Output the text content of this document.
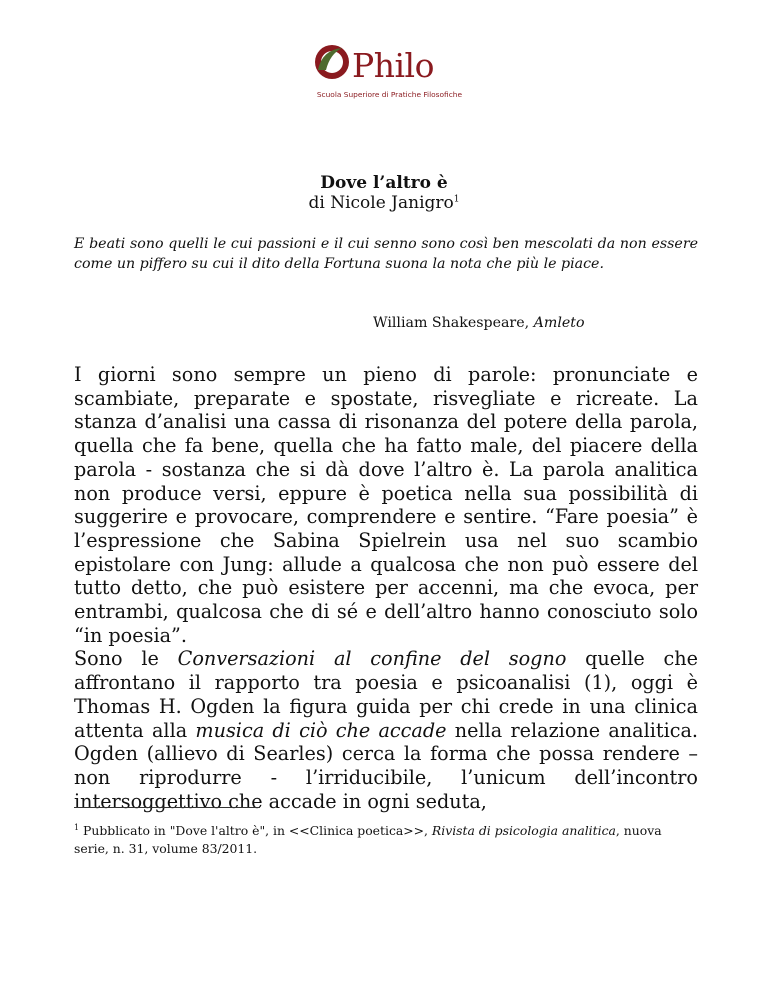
Philo
Scuola Superiore di Pratiche Filosofiche
Dove l’altro è
di Nicole Janigro$^1$
E beati sono quelli le cui passioni e il cui senno sono così ben mescolati da non essere come un piffero su cui il dito della Fortuna suona la nota che più le piace.
William Shakespeare, Amleto

I giorni sono sempre un pieno di parole: pronunciate e scambiate, preparate e spostate, risvegliate e ricreate. La stanza d’analisi una cassa di risonanza del potere della parola, quella che fa bene, quella che ha fatto male, del piacere della parola - sostanza che si dà dove l’altro è. La parola analitica non produce versi, eppure è poetica nella sua possibilità di suggerire e provocare, comprendere e sentire. “Fare poesia” è l’espressione che Sabina Spielrein usa nel suo scambio epistolare con Jung: allude a qualcosa che non può essere del tutto detto, che può esistere per accenni, ma che evoca, per entrambi, qualcosa che di sé e dell’altro hanno conosciuto solo “in poesia”.

Sono le Conversazioni al confine del sogno quelle che affrontano il rapporto tra poesia e psicoanalisi (1), oggi è Thomas H. Ogden la figura guida per chi crede in una clinica attenta alla musica di ciò che accade nella relazione analitica. Ogden (allievo di Searles) cerca la forma che possa rendere – non riprodurre - l’irriducibile, l’unicum dell’incontro intersoggettivo che accade in ogni seduta,

$^1$ Pubblicato in "Dove l'altro è", in <<Clinica poetica>>, Rivista di psicologia analitica, nuova serie, n. 31, volume 83/2011.
